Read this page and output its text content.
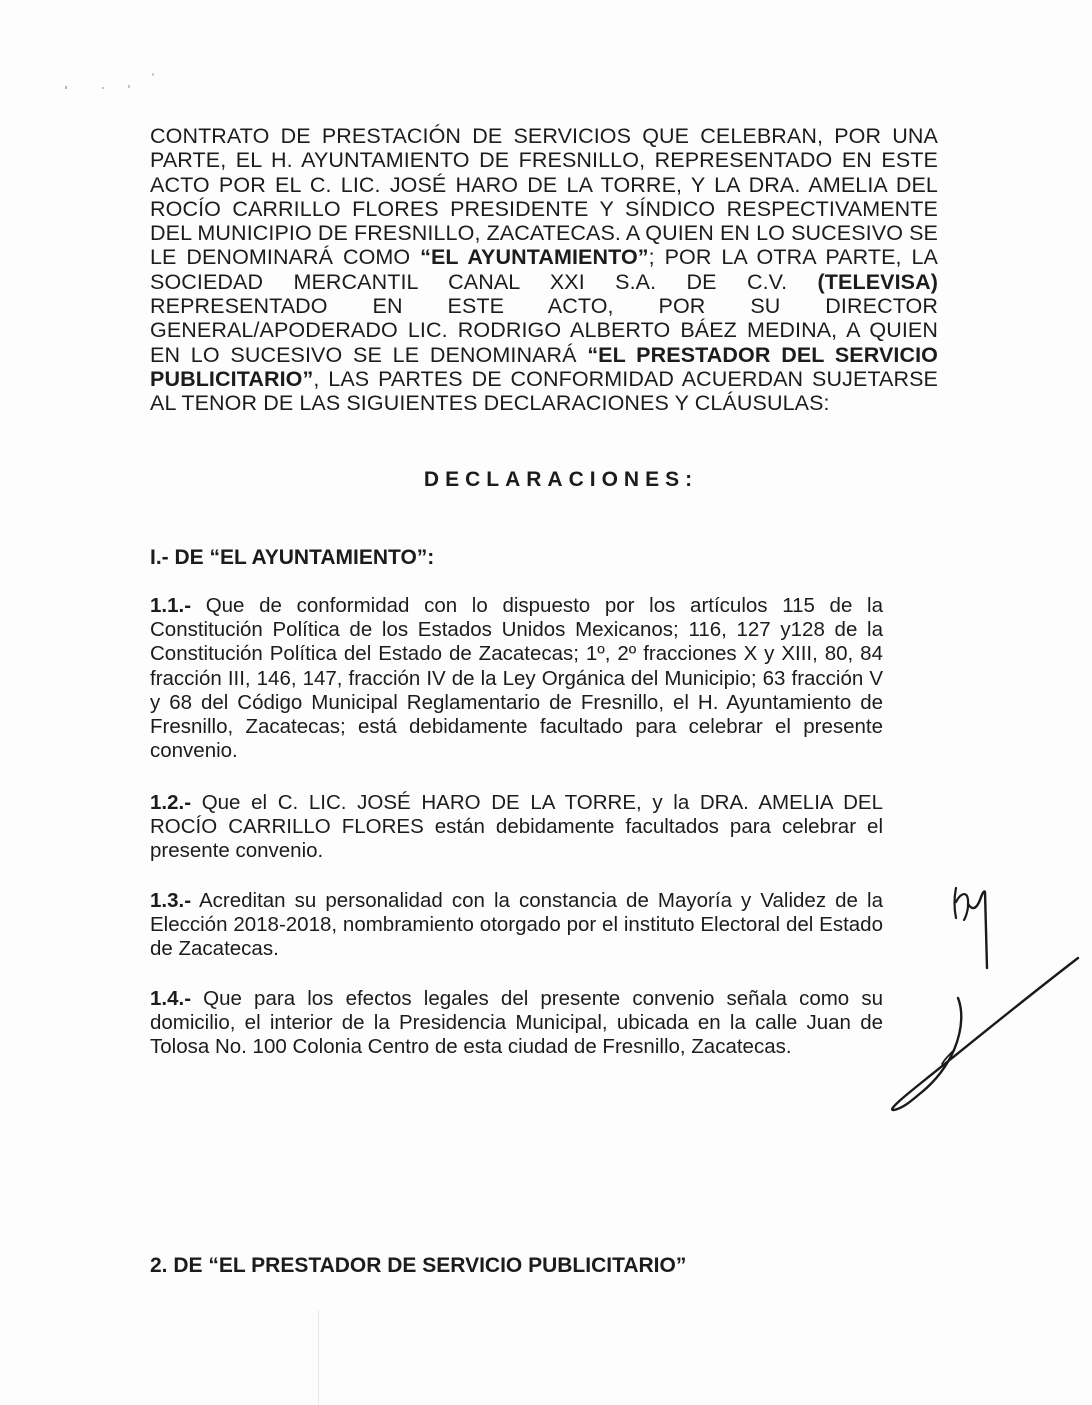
CONTRATO DE PRESTACIÓN DE SERVICIOS QUE CELEBRAN, POR UNA PARTE, EL H. AYUNTAMIENTO DE FRESNILLO, REPRESENTADO EN ESTE ACTO POR EL C. LIC. JOSÉ HARO DE LA TORRE, Y LA DRA. AMELIA DEL ROCÍO CARRILLO FLORES PRESIDENTE Y SÍNDICO RESPECTIVAMENTE DEL MUNICIPIO DE FRESNILLO, ZACATECAS. A QUIEN EN LO SUCESIVO SE LE DENOMINARÁ COMO “EL AYUNTAMIENTO”; POR LA OTRA PARTE, LA SOCIEDAD MERCANTIL CANAL XXI S.A. DE C.V. (TELEVISA) REPRESENTADO EN ESTE ACTO, POR SU DIRECTOR GENERAL/APODERADO LIC. RODRIGO ALBERTO BÁEZ MEDINA, A QUIEN EN LO SUCESIVO SE LE DENOMINARÁ “EL PRESTADOR DEL SERVICIO PUBLICITARIO”, LAS PARTES DE CONFORMIDAD ACUERDAN SUJETARSE AL TENOR DE LAS SIGUIENTES DECLARACIONES Y CLÁUSULAS:
DECLARACIONES:
I.- DE “EL AYUNTAMIENTO”:
1.1.- Que de conformidad con lo dispuesto por los artículos 115 de la Constitución Política de los Estados Unidos Mexicanos; 116, 127 y128 de la Constitución Política del Estado de Zacatecas; 1º, 2º fracciones X y XIII, 80, 84 fracción III, 146, 147, fracción IV de la Ley Orgánica del Municipio; 63 fracción V y 68 del Código Municipal Reglamentario de Fresnillo, el H. Ayuntamiento de Fresnillo, Zacatecas; está debidamente facultado para celebrar el presente convenio.
1.2.- Que el C. LIC. JOSÉ HARO DE LA TORRE, y la DRA. AMELIA DEL ROCÍO CARRILLO FLORES están debidamente facultados para celebrar el presente convenio.
1.3.- Acreditan su personalidad con la constancia de Mayoría y Validez de la Elección 2018-2018, nombramiento otorgado por el instituto Electoral del Estado de Zacatecas.
1.4.- Que para los efectos legales del presente convenio señala como su domicilio, el interior de la Presidencia Municipal, ubicada en la calle Juan de Tolosa No. 100 Colonia Centro de esta ciudad de Fresnillo, Zacatecas.
2. DE “EL PRESTADOR DE SERVICIO PUBLICITARIO”
